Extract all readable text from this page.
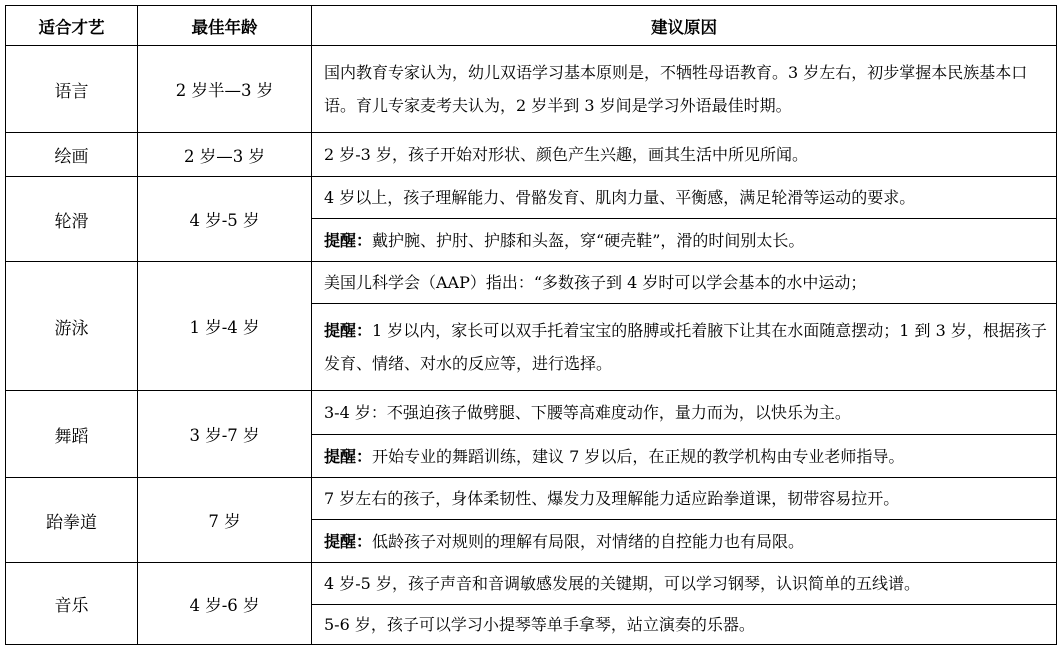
适合才艺	最佳年龄	建议原因
语言	2 岁半—3 岁	国内教育专家认为，幼儿双语学习基本原则是，不牺牲母语教育。3 岁左右，初步掌握本民族基本口语。育儿专家麦考夫认为，2 岁半到 3 岁间是学习外语最佳时期。
绘画	2 岁—3 岁	2 岁-3 岁，孩子开始对形状、颜色产生兴趣，画其生活中所见所闻。
轮滑	4 岁-5 岁	4 岁以上，孩子理解能力、骨骼发育、肌肉力量、平衡感，满足轮滑等运动的要求。
		提醒：戴护腕、护肘、护膝和头盔，穿“硬壳鞋”，滑的时间别太长。
游泳	1 岁-4 岁	美国儿科学会（AAP）指出：“多数孩子到 4 岁时可以学会基本的水中运动；
		提醒：1 岁以内，家长可以双手托着宝宝的胳膊或托着腋下让其在水面随意摆动；1 到 3 岁，根据孩子发育、情绪、对水的反应等，进行选择。
舞蹈	3 岁-7 岁	3-4 岁：不强迫孩子做劈腿、下腰等高难度动作，量力而为，以快乐为主。
		提醒：开始专业的舞蹈训练，建议 7 岁以后，在正规的教学机构由专业老师指导。
跆拳道	7 岁	7 岁左右的孩子，身体柔韧性、爆发力及理解能力适应跆拳道课，韧带容易拉开。
		提醒：低龄孩子对规则的理解有局限，对情绪的自控能力也有局限。
音乐	4 岁-6 岁	4 岁-5 岁，孩子声音和音调敏感发展的关键期，可以学习钢琴，认识简单的五线谱。
		5-6 岁，孩子可以学习小提琴等单手拿琴，站立演奏的乐器。
